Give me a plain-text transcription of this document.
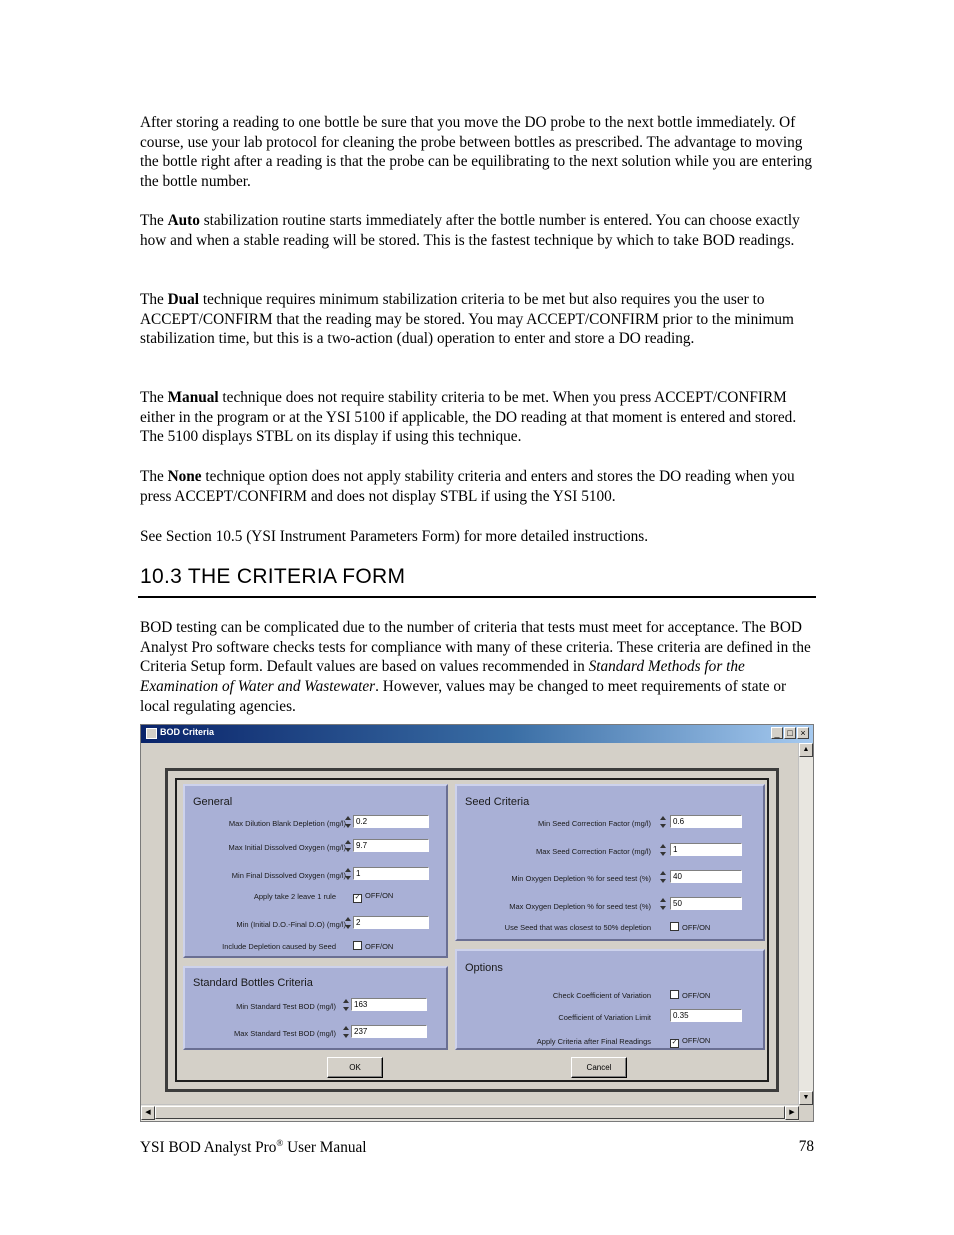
After storing a reading to one bottle be sure that you move the DO probe to the next bottle immediately. Of course, use your lab protocol for cleaning the probe between bottles as prescribed. The advantage to moving the bottle right after a reading is that the probe can be equilibrating to the next solution while you are entering the bottle number.

The Auto stabilization routine starts immediately after the bottle number is entered. You can choose exactly how and when a stable reading will be stored. This is the fastest technique by which to take BOD readings.

The Dual technique requires minimum stabilization criteria to be met but also requires you the user to ACCEPT/CONFIRM that the reading may be stored. You may ACCEPT/CONFIRM prior to the minimum stabilization time, but this is a two-action (dual) operation to enter and store a DO reading.

The Manual technique does not require stability criteria to be met. When you press ACCEPT/CONFIRM either in the program or at the YSI 5100 if applicable, the DO reading at that moment is entered and stored. The 5100 displays STBL on its display if using this technique.

The None technique option does not apply stability criteria and enters and stores the DO reading when you press ACCEPT/CONFIRM and does not display STBL if using the YSI 5100.

See Section 10.5 (YSI Instrument Parameters Form) for more detailed instructions.

10.3 THE CRITERIA FORM

BOD testing can be complicated due to the number of criteria that tests must meet for acceptance. The BOD Analyst Pro software checks tests for compliance with many of these criteria. These criteria are defined in the Criteria Setup form. Default values are based on values recommended in Standard Methods for the Examination of Water and Wastewater. However, values may be changed to meet requirements of state or local regulating agencies.

BOD Criteria	_ □ ×
▲
▼
◀	▶
General
Max Dilution Blank Depletion (mg/l)	0.2
Max Initial Dissolved Oxygen (mg/l)	9.7
Min Final Dissolved Oxygen (mg/l)	1
Apply take 2 leave 1 rule	✓ OFF/ON
Min (Initial D.O.-Final D.O) (mg/l)	2
Include Depletion caused by Seed	OFF/ON
Standard Bottles Criteria
Min Standard Test BOD (mg/l)	163
Max Standard Test BOD (mg/l)	237
Seed Criteria
Min Seed Correction Factor (mg/l)	0.6
Max Seed Correction Factor (mg/l)	1
Min Oxygen Depletion % for seed test (%)	40
Max Oxygen Depletion % for seed test (%)	50
Use Seed that was closest to 50% depletion	OFF/ON
Options
Check Coefficient of Variation	OFF/ON
Coefficient of Variation Limit	0.35
Apply Criteria after Final Readings	✓ OFF/ON
OK	Cancel
YSI BOD Analyst Pro® User Manual	78
